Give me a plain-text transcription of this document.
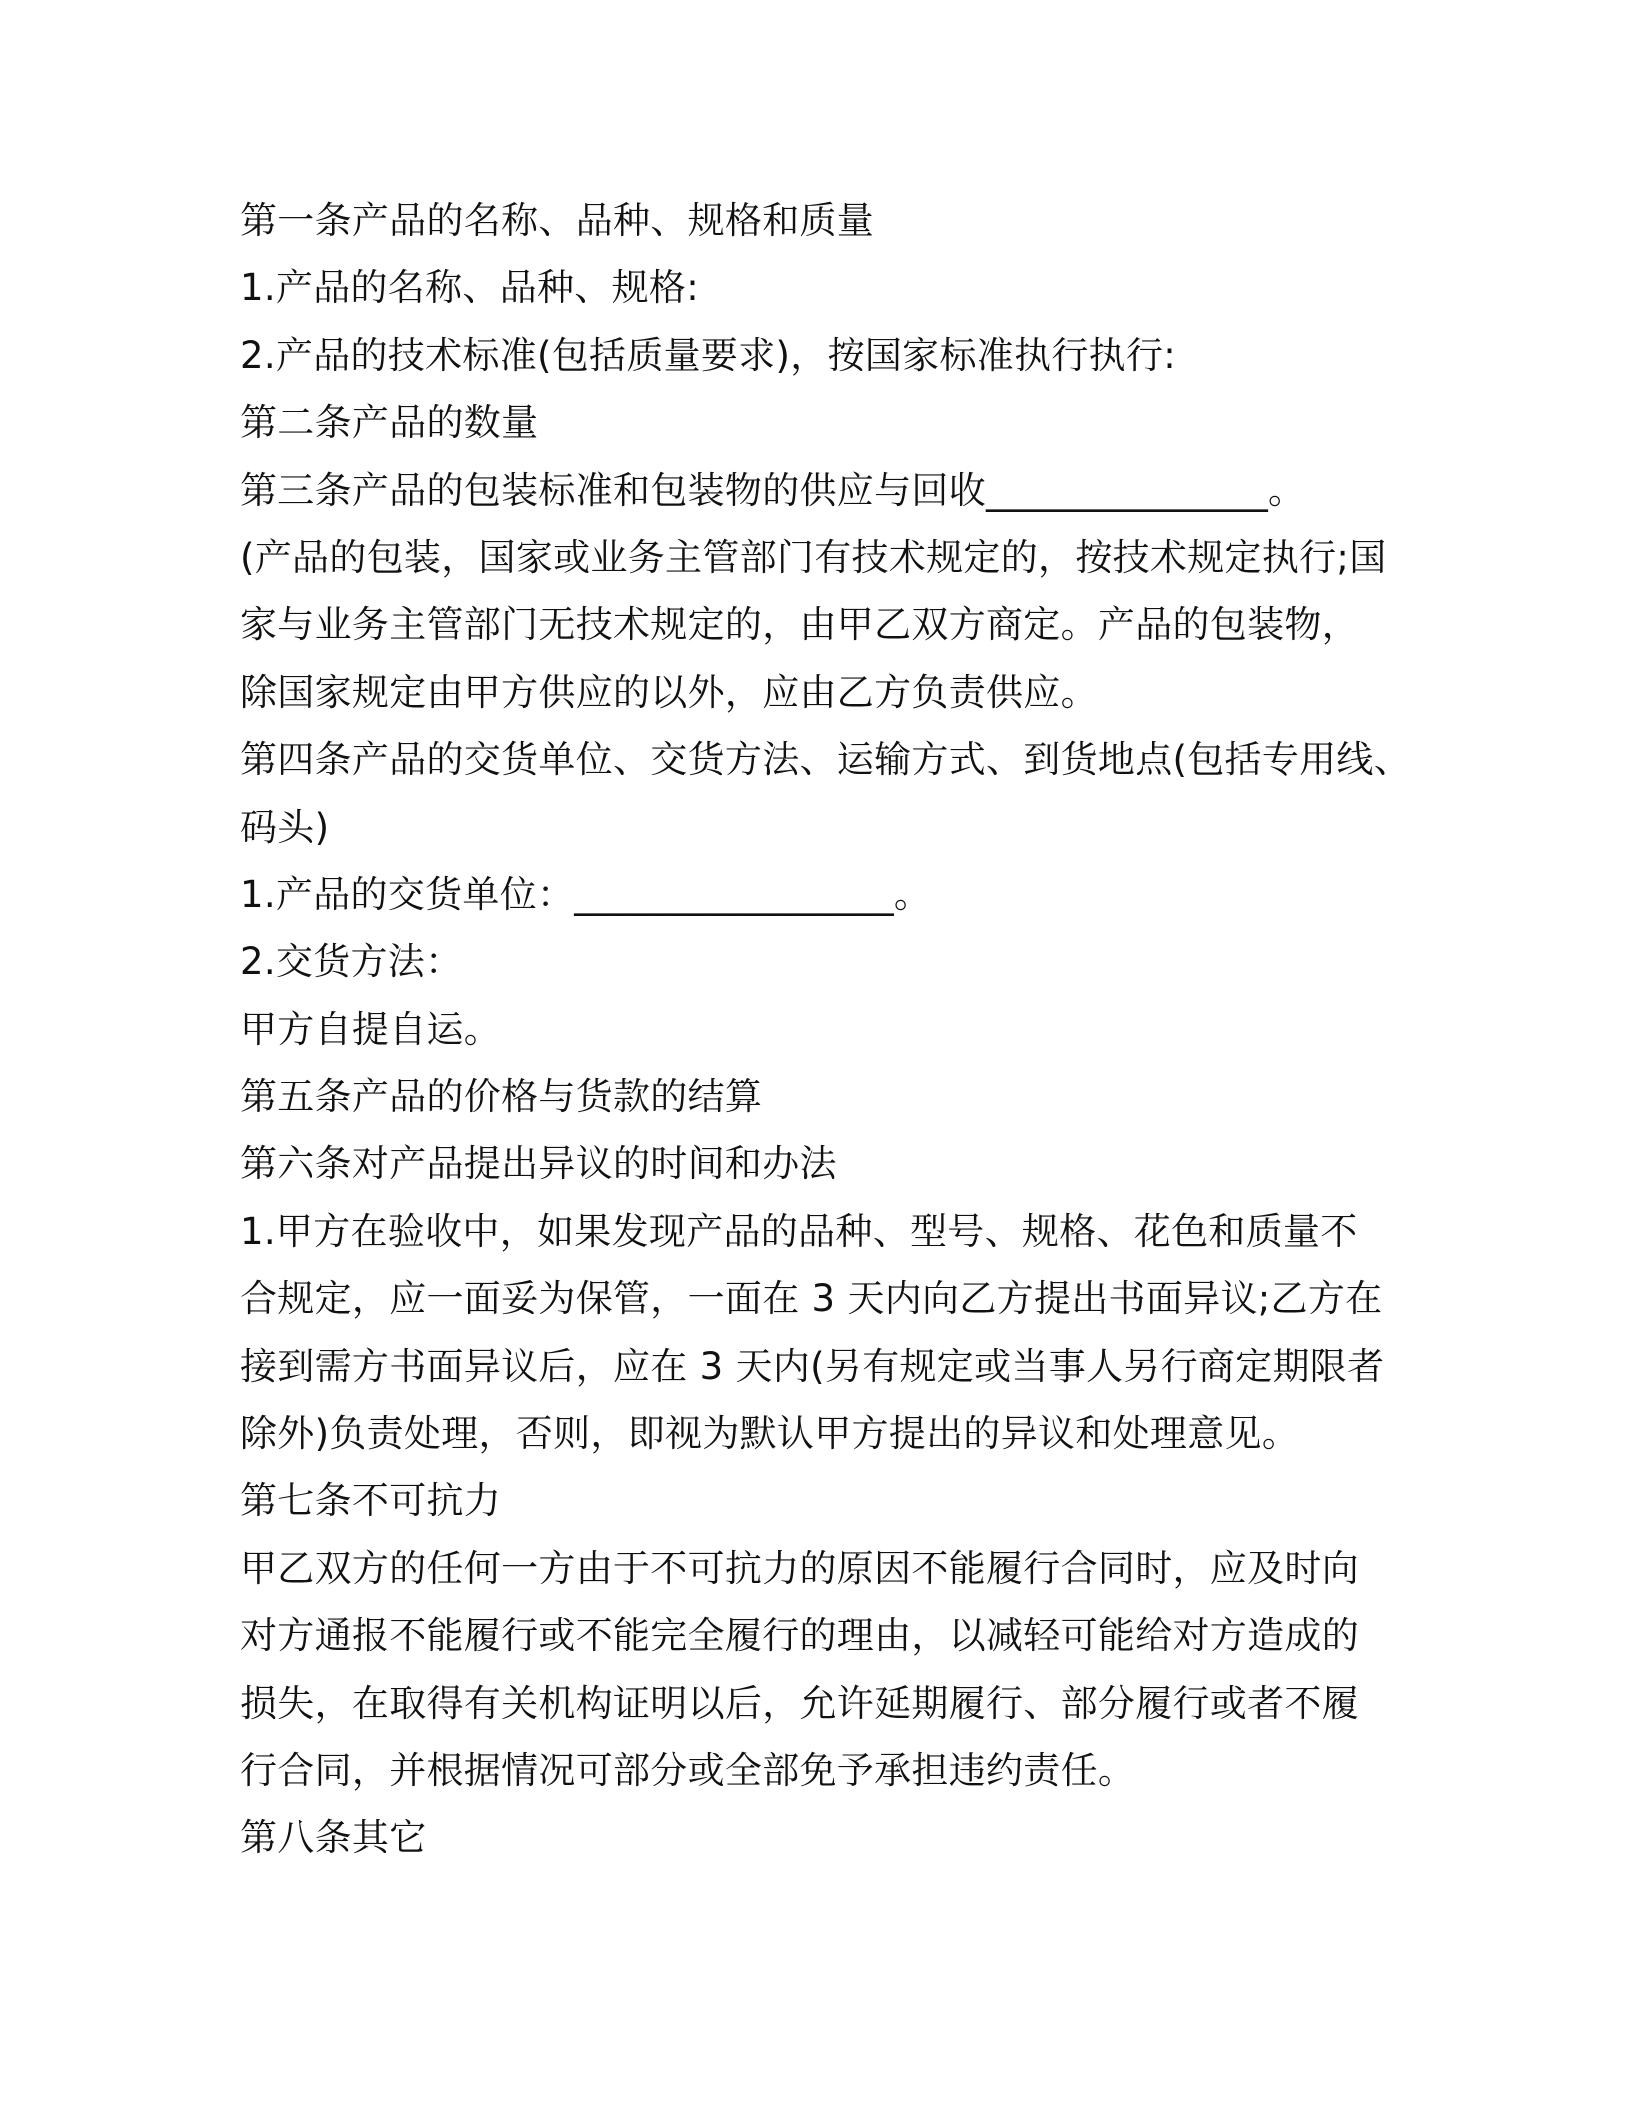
第一条产品的名称、品种、规格和质量
1.产品的名称、品种、规格:
2.产品的技术标准(包括质量要求)，按国家标准执行执行:
第二条产品的数量
第三条产品的包装标准和包装物的供应与回收_______________。
(产品的包装，国家或业务主管部门有技术规定的，按技术规定执行;国
家与业务主管部门无技术规定的，由甲乙双方商定。产品的包装物，
除国家规定由甲方供应的以外，应由乙方负责供应。
第四条产品的交货单位、交货方法、运输方式、到货地点(包括专用线、
码头)
1.产品的交货单位：_________________。
2.交货方法：
甲方自提自运。
第五条产品的价格与货款的结算
第六条对产品提出异议的时间和办法
1.甲方在验收中，如果发现产品的品种、型号、规格、花色和质量不
合规定，应一面妥为保管，一面在 3 天内向乙方提出书面异议;乙方在
接到需方书面异议后，应在 3 天内(另有规定或当事人另行商定期限者
除外)负责处理，否则，即视为默认甲方提出的异议和处理意见。
第七条不可抗力
甲乙双方的任何一方由于不可抗力的原因不能履行合同时，应及时向
对方通报不能履行或不能完全履行的理由，以减轻可能给对方造成的
损失，在取得有关机构证明以后，允许延期履行、部分履行或者不履
行合同，并根据情况可部分或全部免予承担违约责任。
第八条其它
